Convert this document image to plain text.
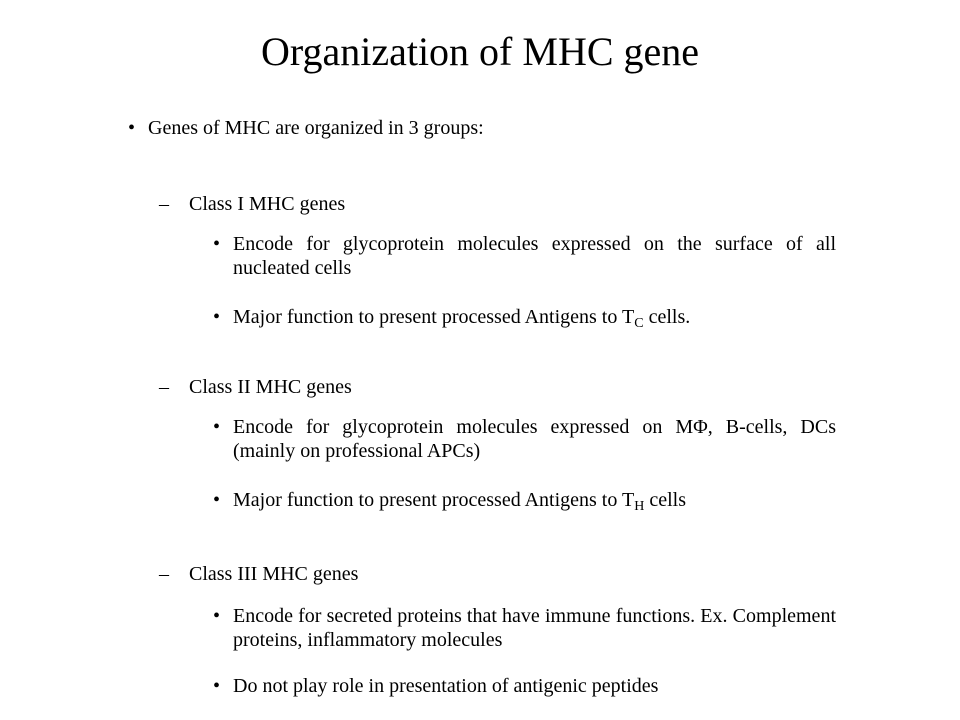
Organization of MHC gene
• Genes of MHC are organized in 3 groups:
– Class I MHC genes
• Encode for glycoprotein molecules expressed on the surface of all nucleated cells
• Major function to present processed Antigens to $T_C$ cells.
– Class II MHC genes
• Encode for glycoprotein molecules expressed on MΦ, B-cells, DCs (mainly on professional APCs)
• Major function to present processed Antigens to $T_H$ cells
– Class III MHC genes
• Encode for secreted proteins that have immune functions. Ex. Complement proteins, inflammatory molecules
• Do not play role in presentation of antigenic peptides
